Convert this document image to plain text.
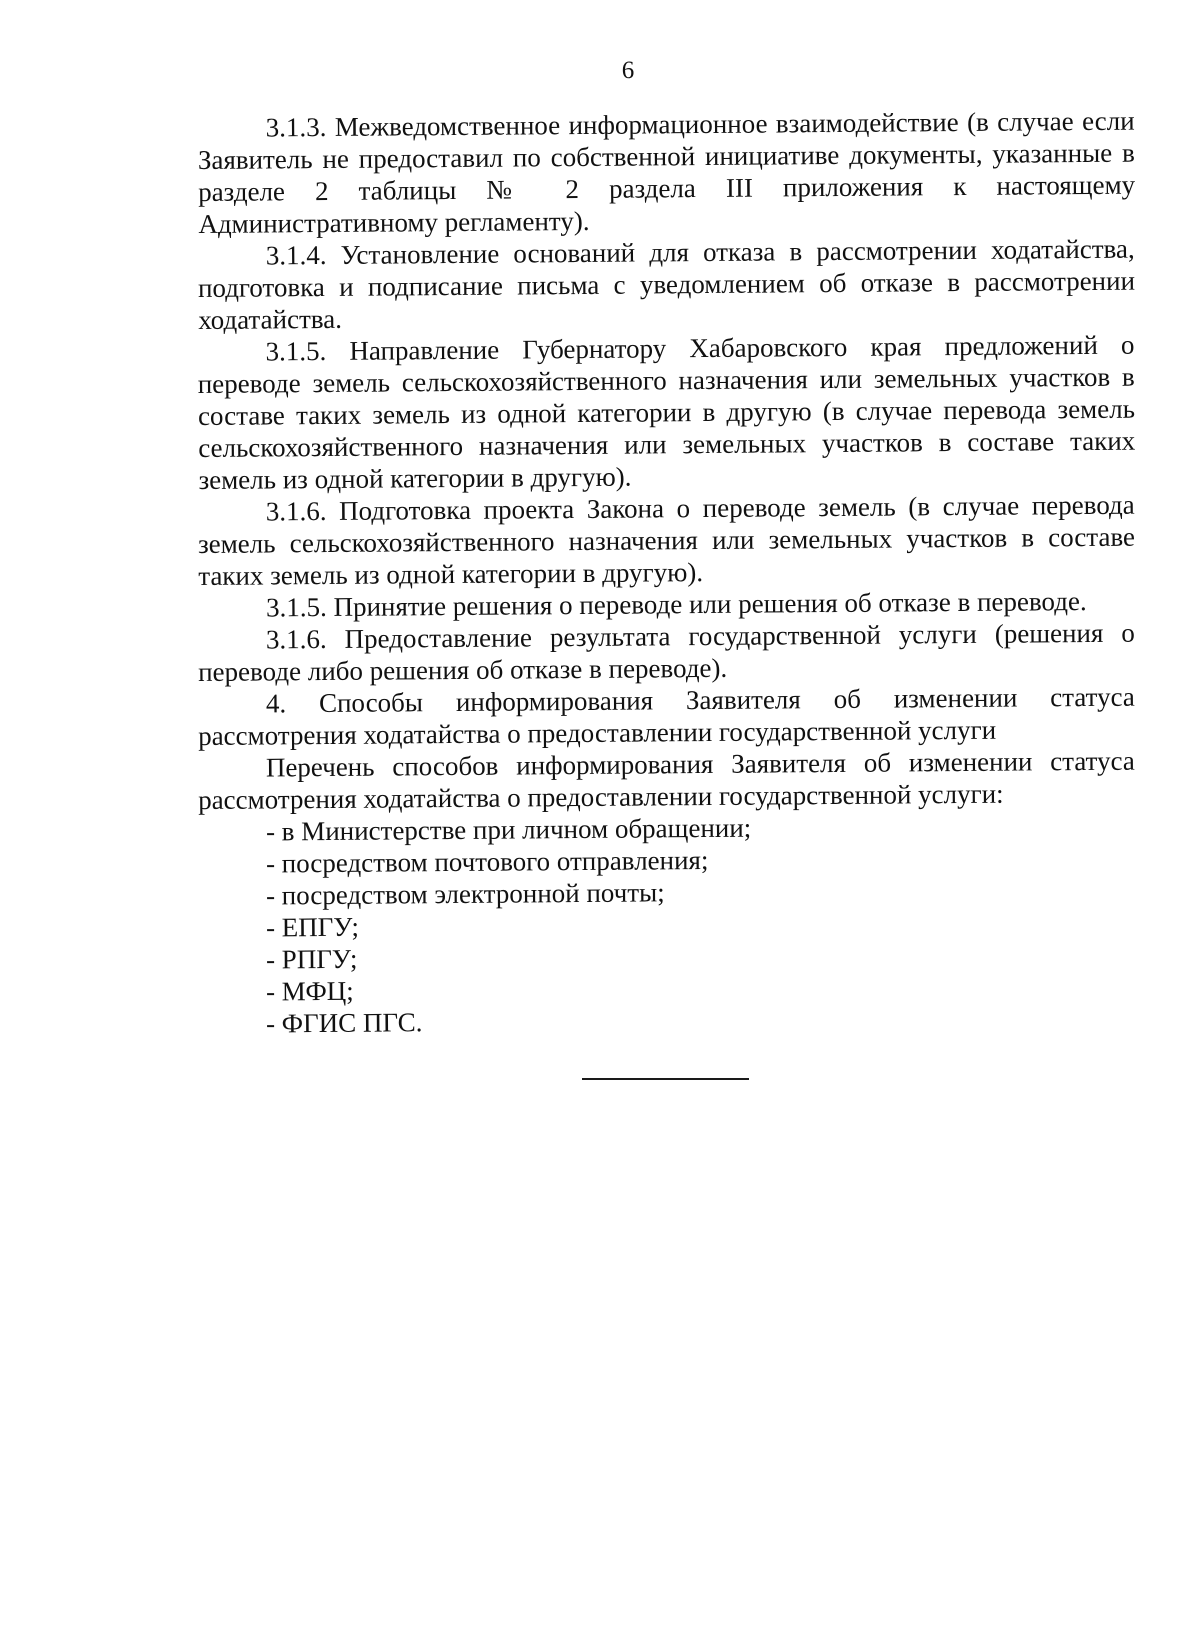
6

3.1.3. Межведомственное информационное взаимодействие (в случае если Заявитель не предоставил по собственной инициативе документы, указанные в разделе 2 таблицы № 2 раздела III приложения к настоящему Административному регламенту).

3.1.4. Установление оснований для отказа в рассмотрении ходатайства, подготовка и подписание письма с уведомлением об отказе в рассмотрении ходатайства.

3.1.5. Направление Губернатору Хабаровского края предложений о переводе земель сельскохозяйственного назначения или земельных участков в составе таких земель из одной категории в другую (в случае перевода земель сельскохозяйственного назначения или земельных участков в составе таких земель из одной категории в другую).

3.1.6. Подготовка проекта Закона о переводе земель (в случае перевода земель сельскохозяйственного назначения или земельных участков в составе таких земель из одной категории в другую).

3.1.5. Принятие решения о переводе или решения об отказе в переводе.

3.1.6. Предоставление результата государственной услуги (решения о переводе либо решения об отказе в переводе).

4. Способы информирования Заявителя об изменении статуса рассмотрения ходатайства о предоставлении государственной услуги

Перечень способов информирования Заявителя об изменении статуса рассмотрения ходатайства о предоставлении государственной услуги:

- в Министерстве при личном обращении;

- посредством почтового отправления;

- посредством электронной почты;

- ЕПГУ;

- РПГУ;

- МФЦ;

- ФГИС ПГС.
